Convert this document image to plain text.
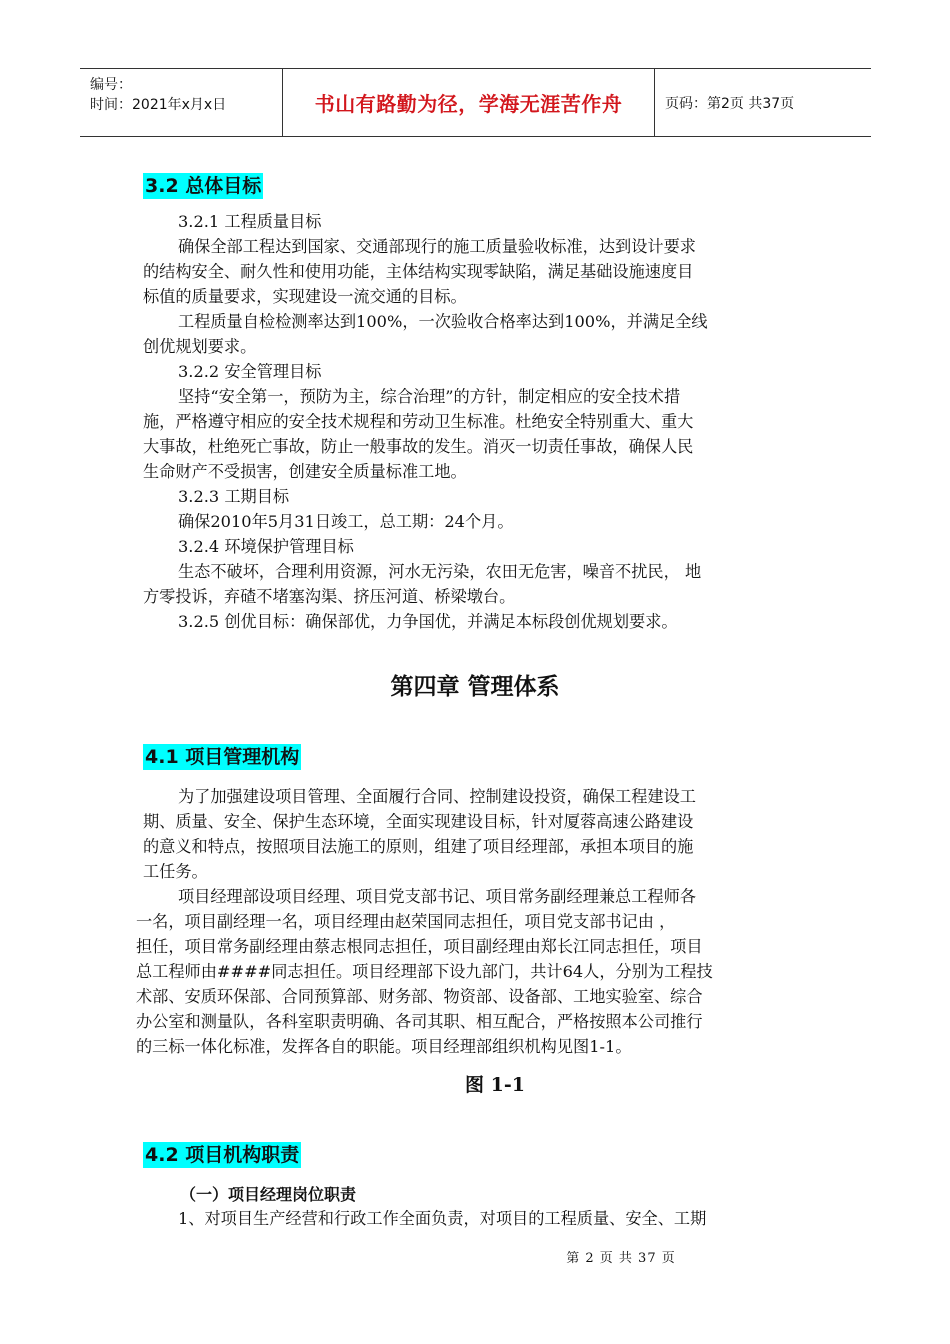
编号：
时间：2021年x月x日	书山有路勤为径，学海无涯苦作舟	页码：第2页 共37页
3.2 总体目标
3.2.1 工程质量目标
确保全部工程达到国家、交通部现行的施工质量验收标准，达到设计要求
的结构安全、耐久性和使用功能，主体结构实现零缺陷，满足基础设施速度目
标值的质量要求，实现建设一流交通的目标。
工程质量自检检测率达到100%，一次验收合格率达到100%，并满足全线
创优规划要求。
3.2.2 安全管理目标
坚持“安全第一，预防为主，综合治理”的方针，制定相应的安全技术措
施，严格遵守相应的安全技术规程和劳动卫生标准。杜绝安全特别重大、重大
大事故，杜绝死亡事故，防止一般事故的发生。消灭一切责任事故，确保人民
生命财产不受损害，创建安全质量标准工地。
3.2.3 工期目标
确保2010年5月31日竣工，总工期：24个月。
3.2.4 环境保护管理目标
生态不破坏，合理利用资源，河水无污染，农田无危害，噪音不扰民， 地
方零投诉，弃碴不堵塞沟渠、挤压河道、桥梁墩台。
3.2.5 创优目标：确保部优，力争国优，并满足本标段创优规划要求。
第四章 管理体系
4.1 项目管理机构
为了加强建设项目管理、全面履行合同、控制建设投资，确保工程建设工
期、质量、安全、保护生态环境，全面实现建设目标，针对厦蓉高速公路建设
的意义和特点，按照项目法施工的原则，组建了项目经理部，承担本项目的施
工任务。
项目经理部设项目经理、项目党支部书记、项目常务副经理兼总工程师各
一名，项目副经理一名，项目经理由赵荣国同志担任，项目党支部书记由 ，
担任，项目常务副经理由蔡志根同志担任，项目副经理由郑长江同志担任，项目
总工程师由####同志担任。项目经理部下设九部门，共计64人，分别为工程技
术部、安质环保部、合同预算部、财务部、物资部、设备部、工地实验室、综合
办公室和测量队，各科室职责明确、各司其职、相互配合，严格按照本公司推行
的三标一体化标准，发挥各自的职能。项目经理部组织机构见图1-1。
图 1-1
4.2 项目机构职责
（一）项目经理岗位职责
1、对项目生产经营和行政工作全面负责，对项目的工程质量、安全、工期
第 2 页 共 37 页
